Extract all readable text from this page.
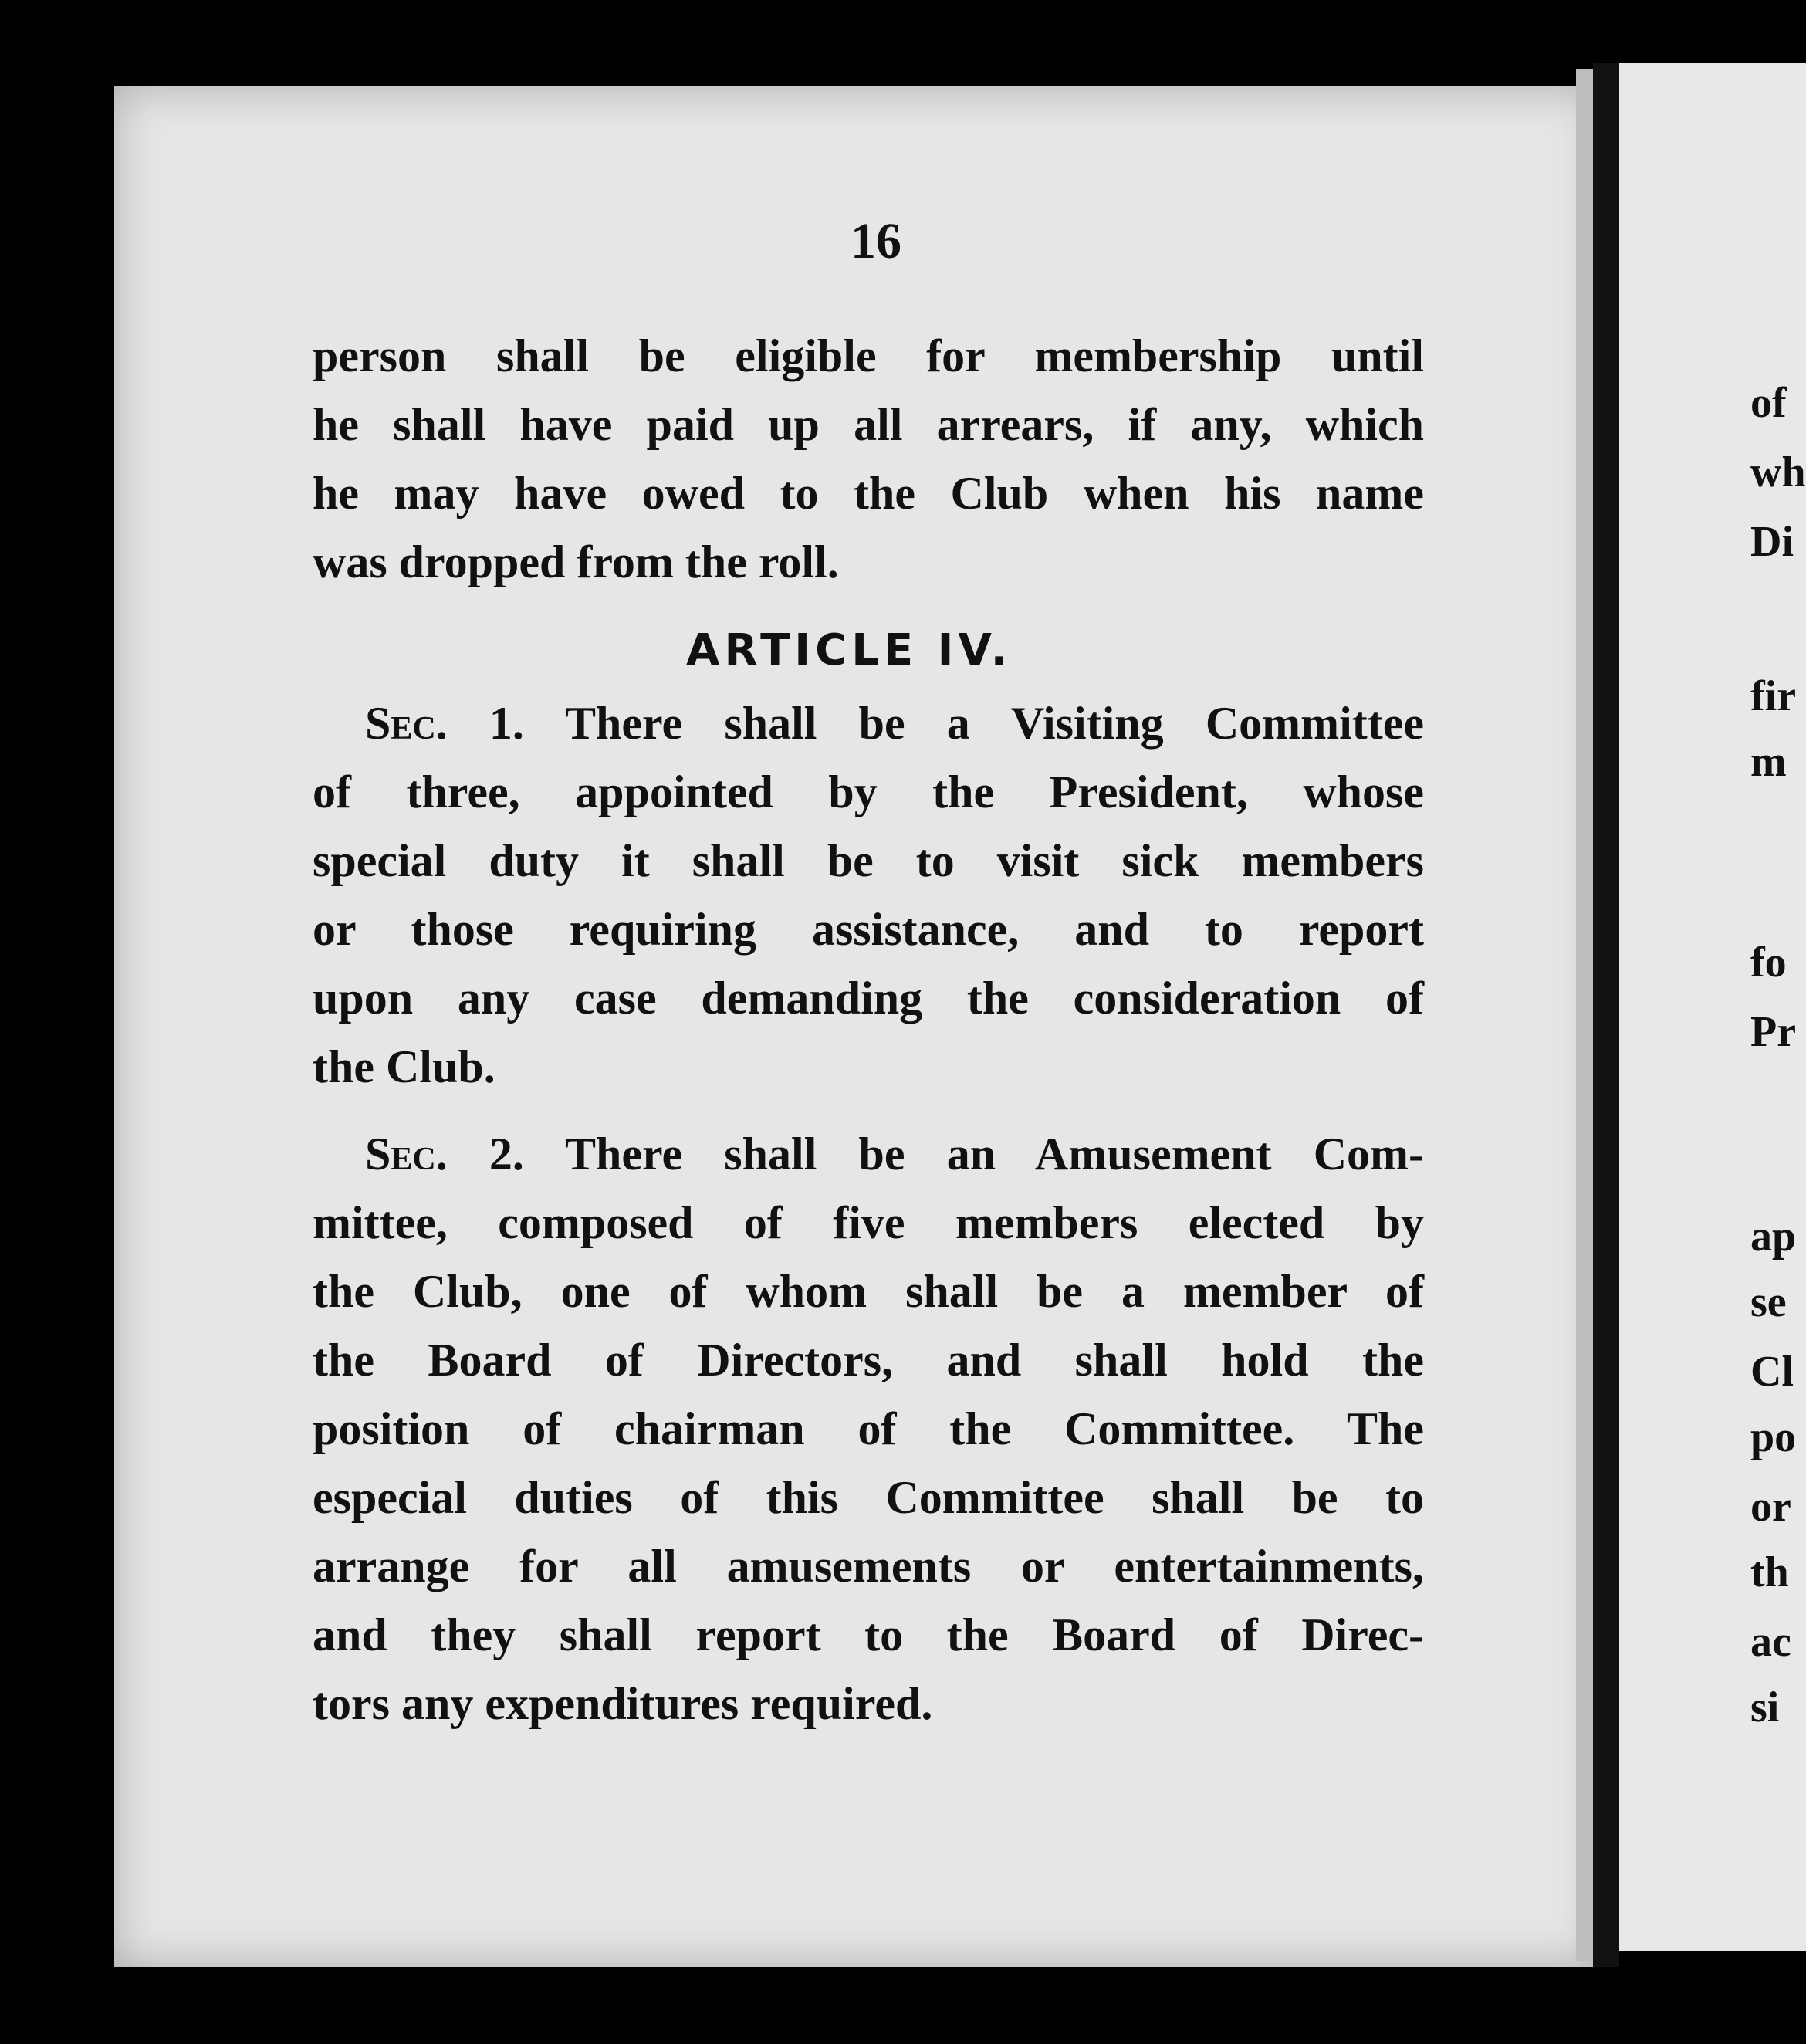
16
person shall be eligible for membership until
he shall have paid up all arrears, if any, which
he may have owed to the Club when his name
was dropped from the roll.
ARTICLE IV.
Sec. 1. There shall be a Visiting Committee
of three, appointed by the President, whose
special duty it shall be to visit sick members
or those requiring assistance, and to report
upon any case demanding the consideration of
the Club.
Sec. 2. There shall be an Amusement Com-
mittee, composed of five members elected by
the Club, one of whom shall be a member of
the Board of Directors, and shall hold the
position of chairman of the Committee. The
especial duties of this Committee shall be to
arrange for all amusements or entertainments,
and they shall report to the Board of Direc-
tors any expenditures required.
of
wh
Di
fir
m
fo
Pr
ap
se
Cl
po
or
th
ac
si
